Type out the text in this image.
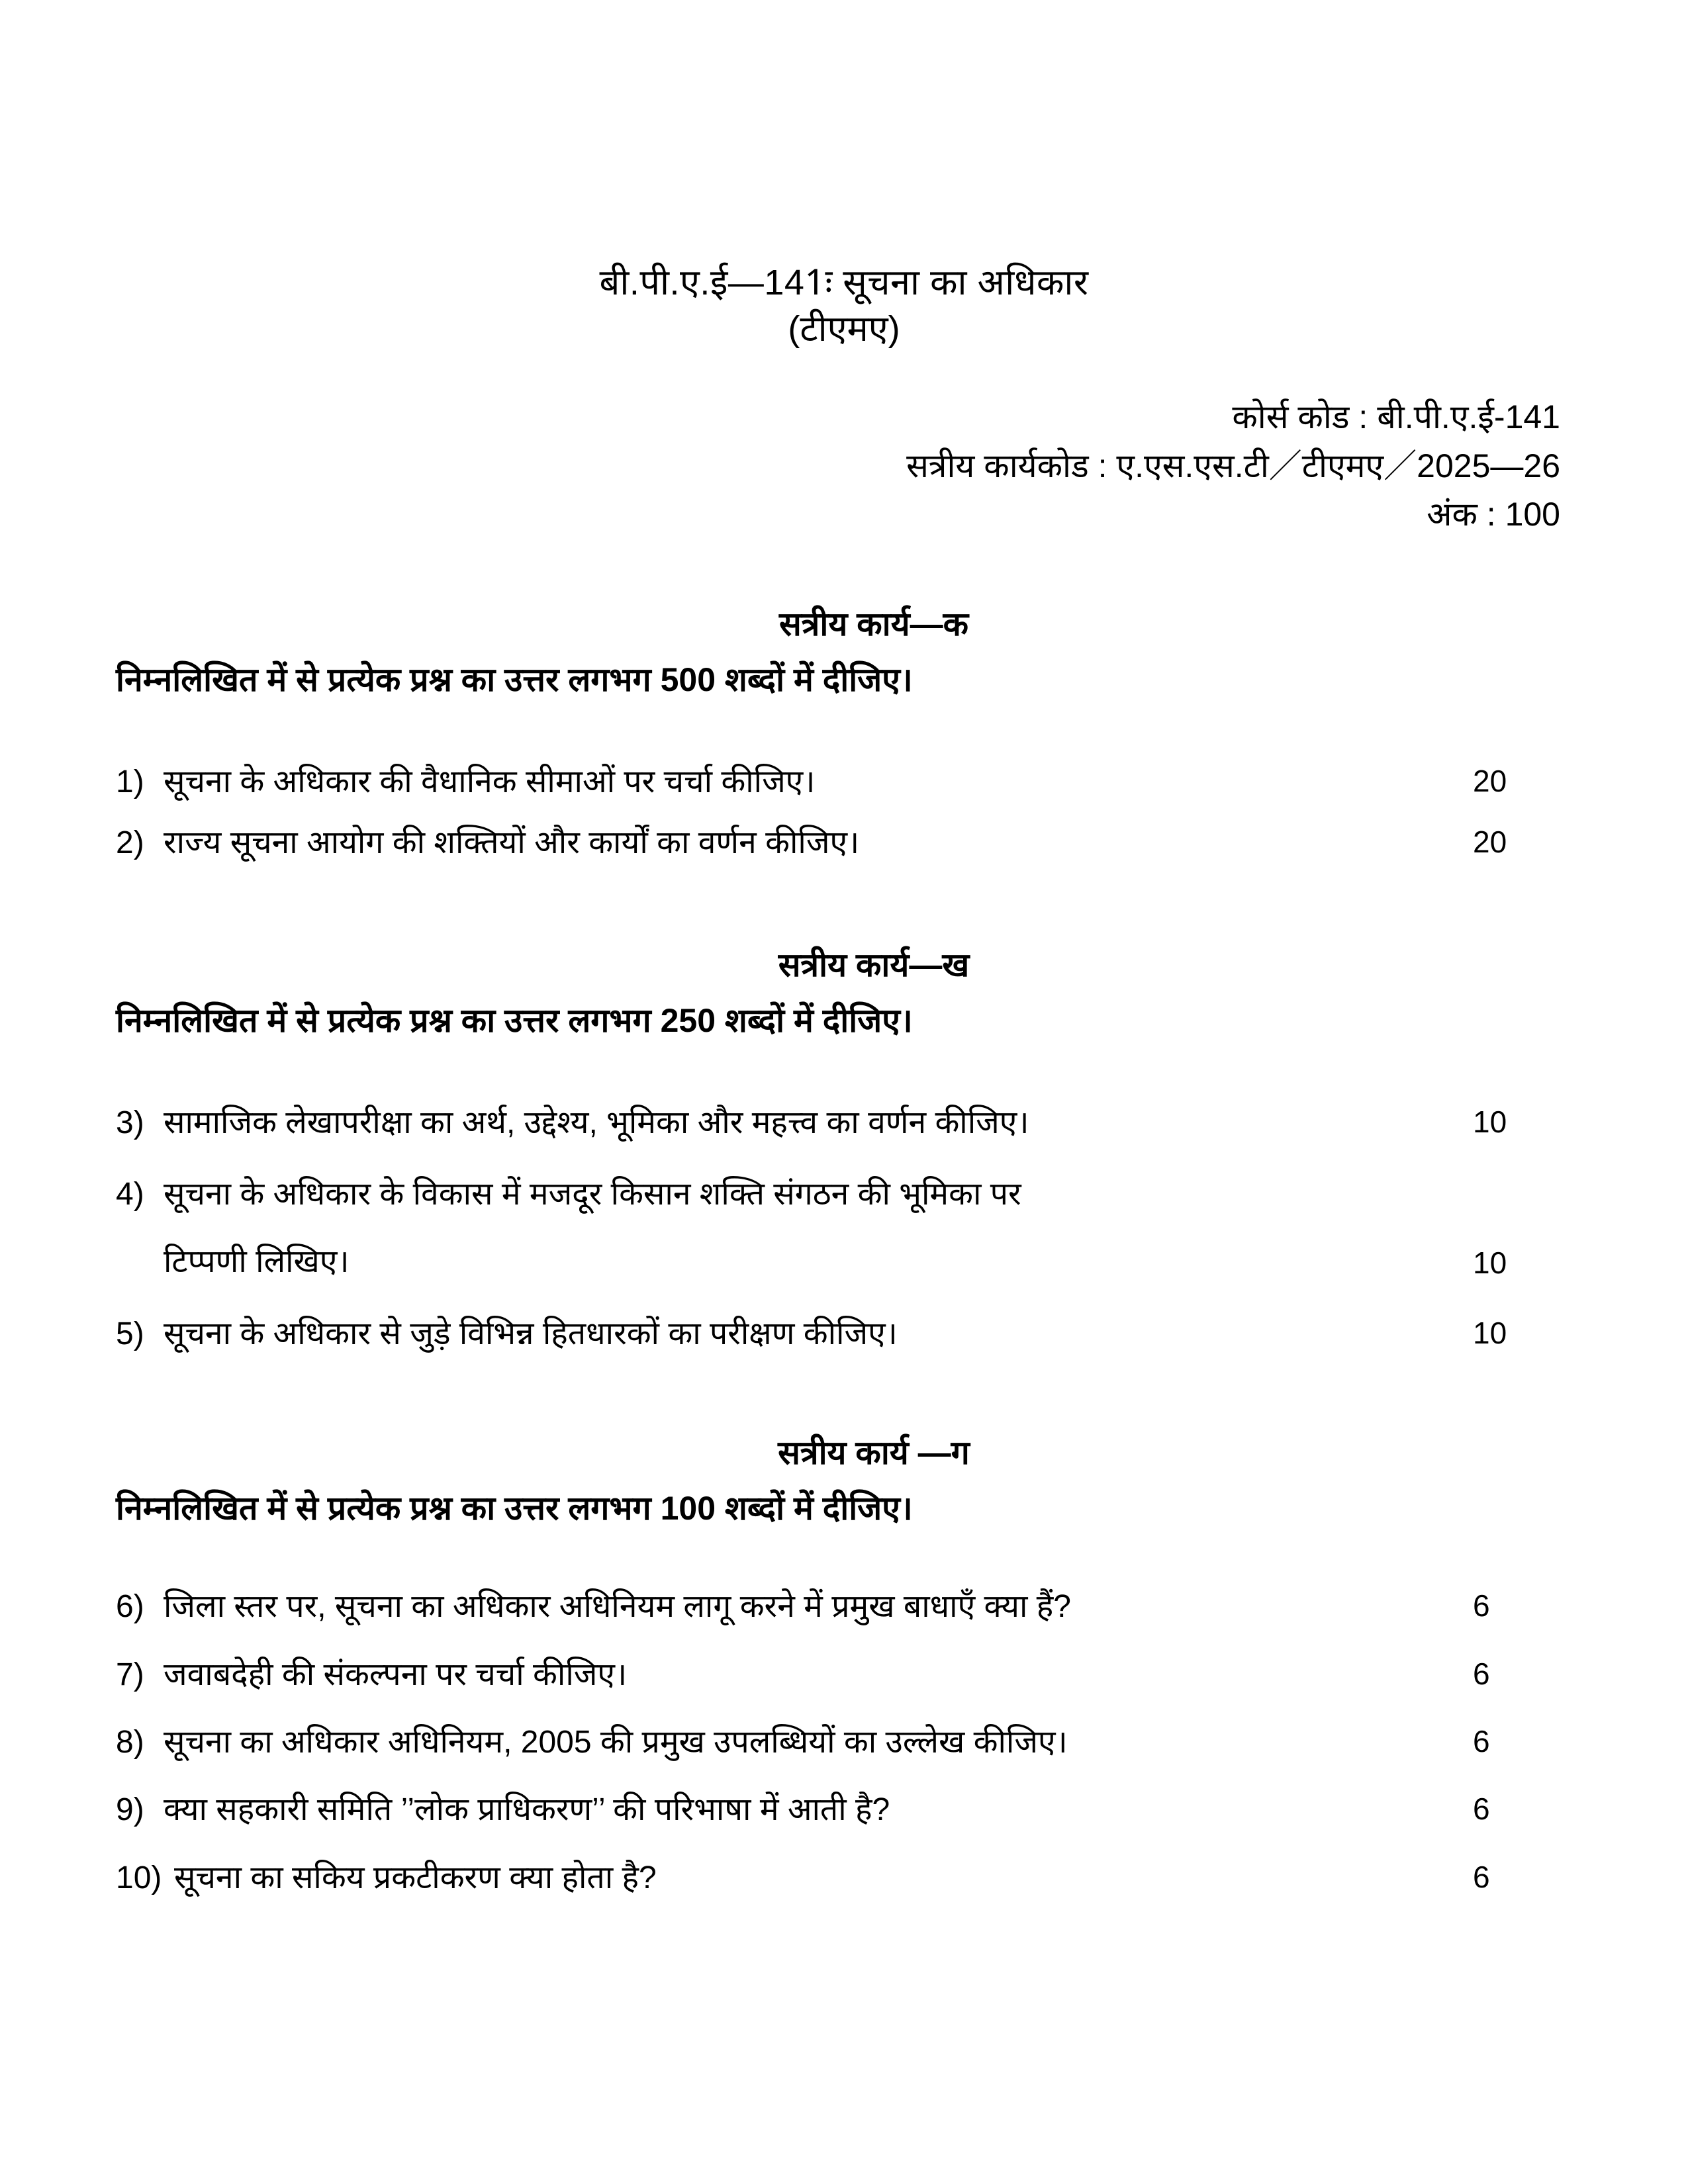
बी.पी.ए.ई—141ः सूचना का अधिकार
(टीएमए)
कोर्स कोड : बी.पी.ए.ई-141
सत्रीय कार्यकोड : ए.एस.एस.टी／टीएमए／2025—26
अंक : 100
सत्रीय कार्य—क
निम्नलिखित में से प्रत्येक प्रश्न का उत्तर लगभग 500 शब्दों में दीजिए।
1) सूचना के अधिकार की वैधानिक सीमाओं पर चर्चा कीजिए।	20
2) राज्य सूचना आयोग की शक्तियों और कार्यों का वर्णन कीजिए।	20
सत्रीय कार्य—ख
निम्नलिखित में से प्रत्येक प्रश्न का उत्तर लगभग 250 शब्दों में दीजिए।
3) सामाजिक लेखापरीक्षा का अर्थ, उद्देश्य, भूमिका और महत्त्व का वर्णन कीजिए।	10
4) सूचना के अधिकार के विकास में मजदूर किसान शक्ति संगठन की भूमिका पर
टिप्पणी लिखिए।	10
5) सूचना के अधिकार से जुड़े विभिन्न हितधारकों का परीक्षण कीजिए।	10
सत्रीय कार्य —ग
निम्नलिखित में से प्रत्येक प्रश्न का उत्तर लगभग 100 शब्दों में दीजिए।
6) जिला स्तर पर, सूचना का अधिकार अधिनियम लागू करने में प्रमुख बाधाएँ क्या हैं?	6
7) जवाबदेही की संकल्पना पर चर्चा कीजिए।	6
8) सूचना का अधिकार अधिनियम, 2005 की प्रमुख उपलब्धियों का उल्लेख कीजिए।	6
9) क्या सहकारी समिति ’’लोक प्राधिकरण’’ की परिभाषा में आती है?	6
10) सूचना का सकिय प्रकटीकरण क्या होता है?	6
